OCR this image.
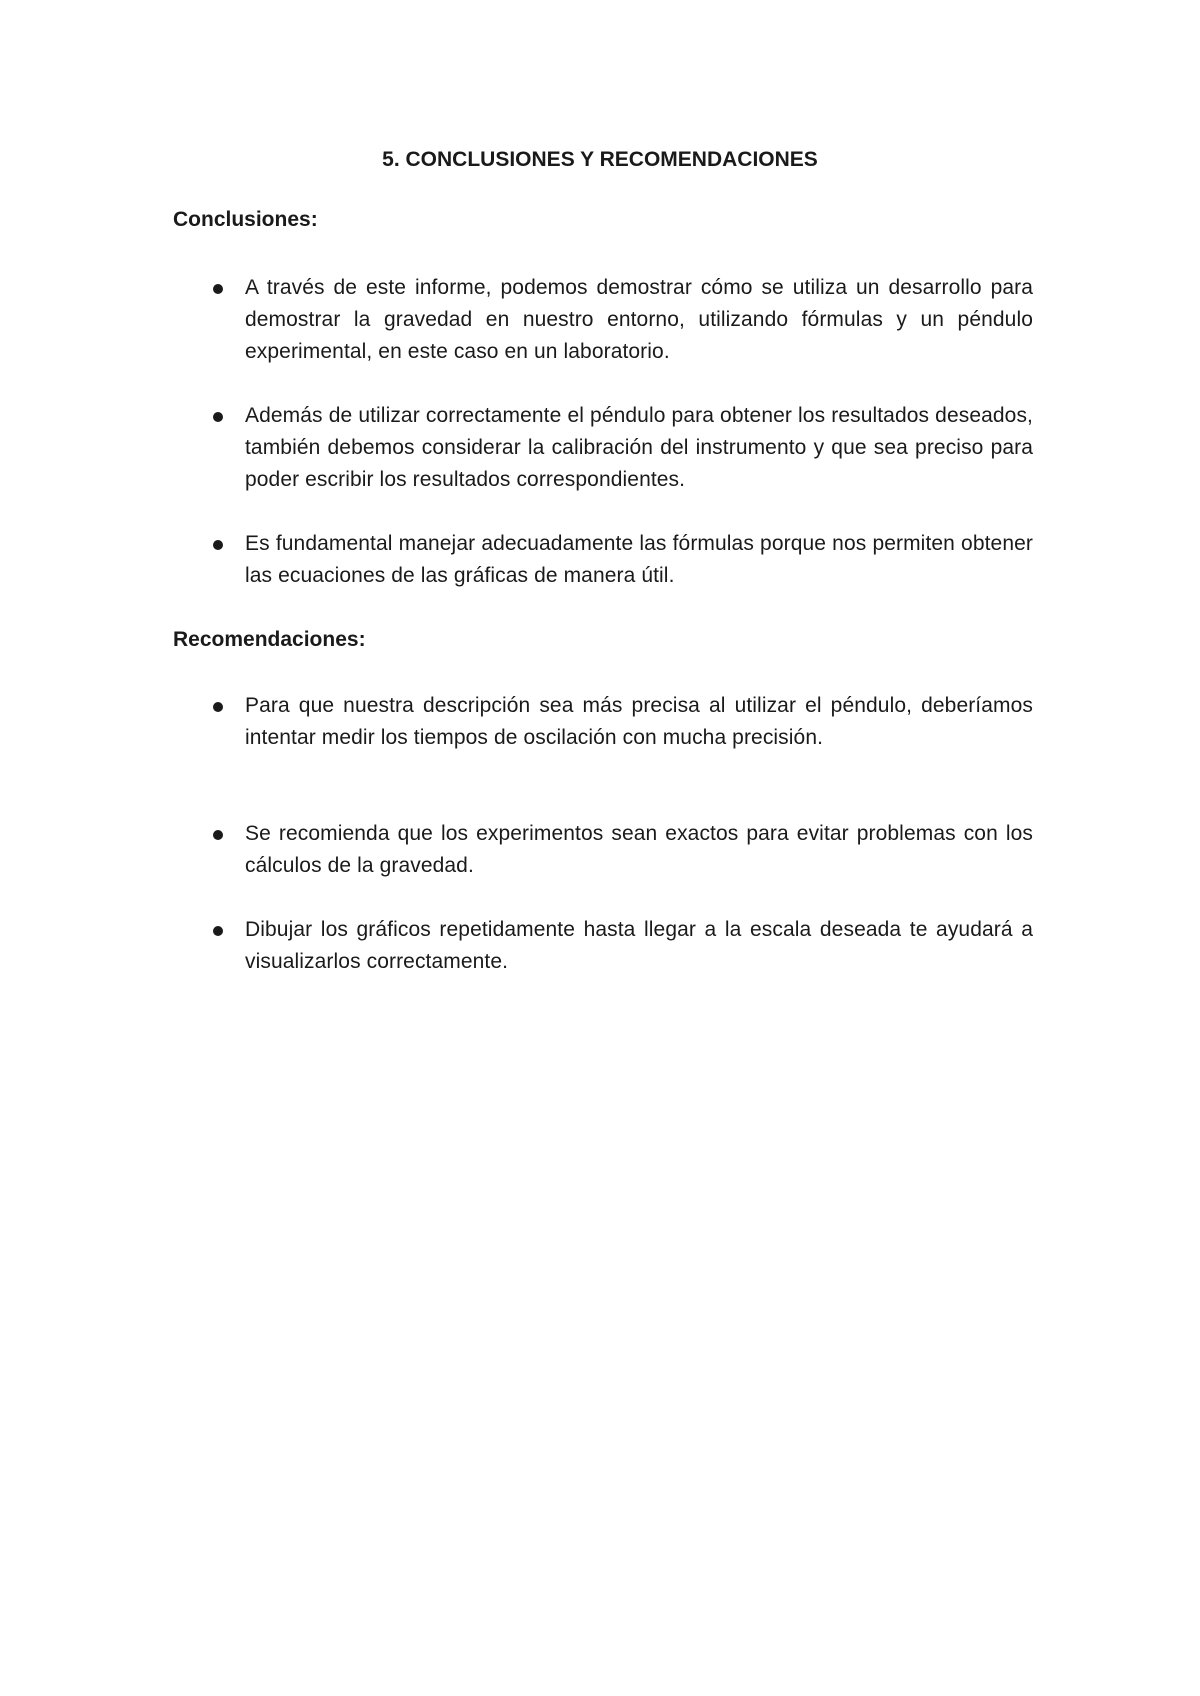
5. CONCLUSIONES Y RECOMENDACIONES
Conclusiones:

A través de este informe, podemos demostrar cómo se utiliza un desarrollo para demostrar la gravedad en nuestro entorno, utilizando fórmulas y un péndulo experimental, en este caso en un laboratorio.

Además de utilizar correctamente el péndulo para obtener los resultados deseados, también debemos considerar la calibración del instrumento y que sea preciso para poder escribir los resultados correspondientes.

Es fundamental manejar adecuadamente las fórmulas porque nos permiten obtener las ecuaciones de las gráficas de manera útil.

Recomendaciones:

Para que nuestra descripción sea más precisa al utilizar el péndulo, deberíamos intentar medir los tiempos de oscilación con mucha precisión.

Se recomienda que los experimentos sean exactos para evitar problemas con los cálculos de la gravedad.

Dibujar los gráficos repetidamente hasta llegar a la escala deseada te ayudará a visualizarlos correctamente.
